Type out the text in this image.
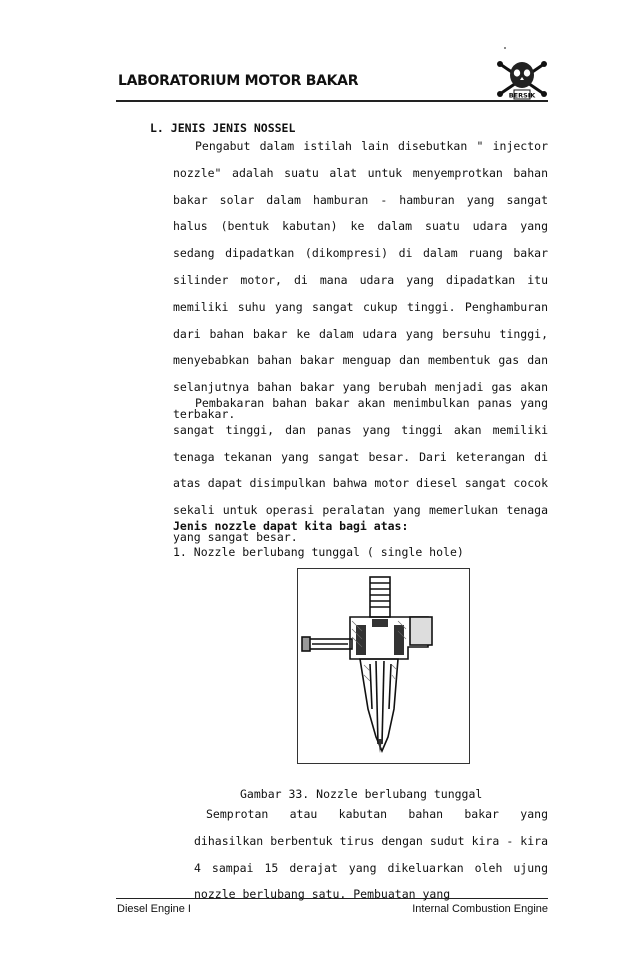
LABORATORIUM MOTOR BAKAR
BERSIK
L. JENIS JENIS NOSSEL
Pengabut dalam istilah lain disebutkan " injector nozzle" adalah suatu alat untuk menyemprotkan bahan bakar solar dalam hamburan - hamburan yang sangat halus (bentuk kabutan) ke dalam suatu udara yang sedang dipadatkan (dikompresi) di dalam ruang bakar silinder motor, di mana udara yang dipadatkan itu memiliki suhu yang sangat cukup tinggi. Penghamburan dari bahan bakar ke dalam udara yang bersuhu tinggi, menyebabkan bahan bakar menguap dan membentuk gas dan selanjutnya bahan bakar yang berubah menjadi gas akan terbakar.
Pembakaran bahan bakar akan menimbulkan panas yang sangat tinggi, dan panas yang tinggi akan memiliki tenaga tekanan yang sangat besar. Dari keterangan di atas dapat disimpulkan bahwa motor diesel sangat cocok sekali untuk operasi peralatan yang memerlukan tenaga yang sangat besar.
Jenis nozzle dapat kita bagi atas:
1. Nozzle berlubang tunggal ( single hole)
Gambar 33. Nozzle berlubang tunggal
Semprotan atau kabutan bahan bakar yang dihasilkan berbentuk tirus dengan sudut kira - kira 4 sampai 15 derajat yang dikeluarkan oleh ujung nozzle berlubang satu. Pembuatan yang
Diesel Engine I	Internal Combustion Engine
